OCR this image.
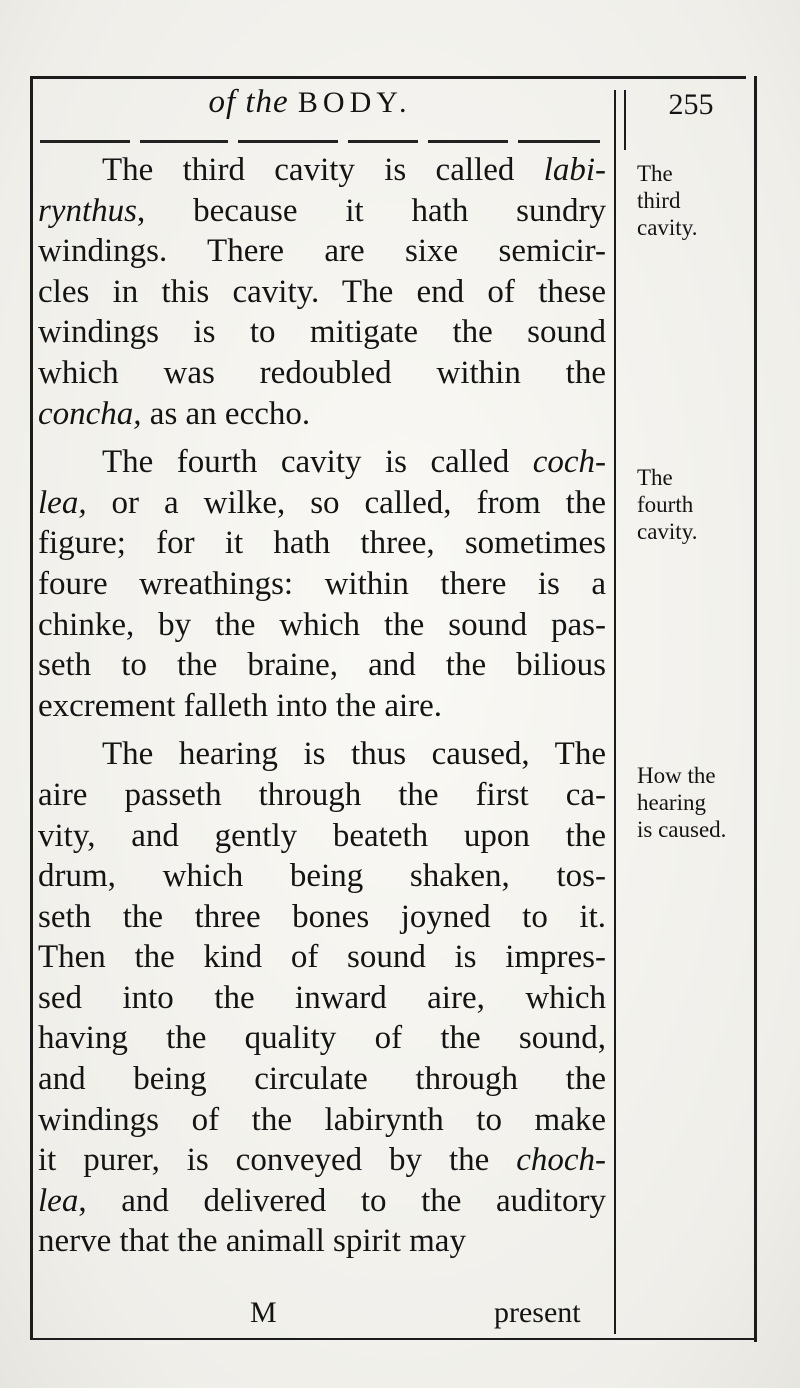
of the BODY.	255
The third cavity is called labi-
rynthus, because it hath sundry
windings. There are sixe semicir-
cles in this cavity. The end of these
windings is to mitigate the sound
which was redoubled within the
concha, as an eccho.
The fourth cavity is called coch-
lea, or a wilke, so called, from the
figure; for it hath three, sometimes
foure wreathings: within there is a
chinke, by the which the sound pas-
seth to the braine, and the bilious
excrement falleth into the aire.
The hearing is thus caused, The
aire passeth through the first ca-
vity, and gently beateth upon the
drum, which being shaken, tos-
seth the three bones joyned to it.
Then the kind of sound is impres-
sed into the inward aire, which
having the quality of the sound,
and being circulate through the
windings of the labirynth to make
it purer, is conveyed by the choch-
lea, and delivered to the auditory
nerve that the animall spirit may
The
third
cavity.
The
fourth
cavity.
How the
hearing
is caused.
M	present
